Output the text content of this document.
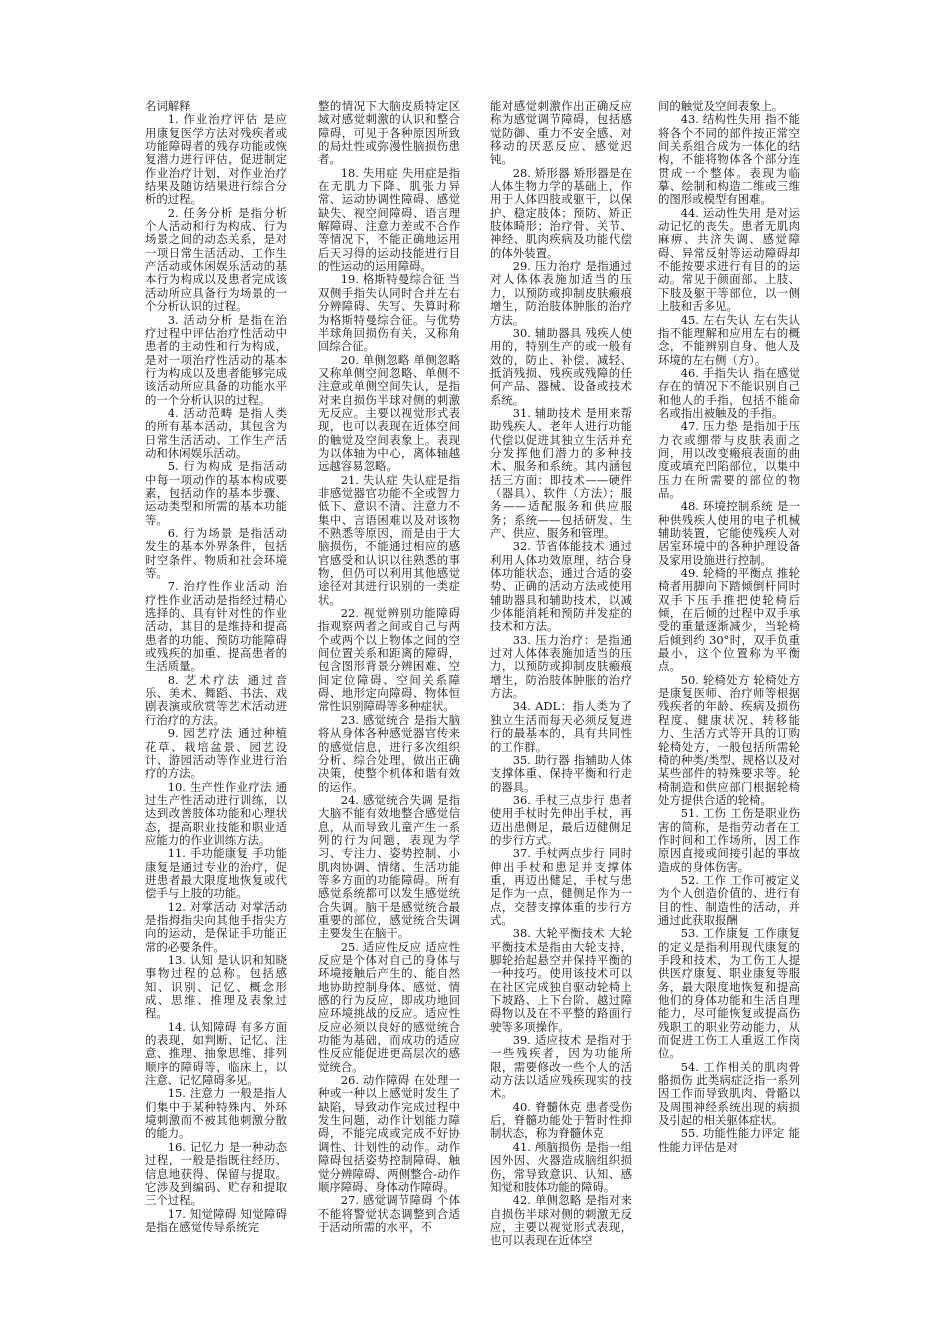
名词解释

1. 作业治疗评估 是应用康复医学方法对残疾者或功能障碍者的残存功能或恢复潜力进行评估，促进制定作业治疗计划，对作业治疗结果及随访结果进行综合分析的过程。

2. 任务分析 是指分析个人活动和行为构成、行为场景之间的动态关系，是对一项日常生活活动、工作生产活动或休闲娱乐活动的基本行为构成以及患者完成该活动所应具备行为场景的一个分析认识的过程。

3. 活动分析 是指在治疗过程中评估治疗性活动中患者的主动性和行为构成，是对一项治疗性活动的基本行为构成以及患者能够完成该活动所应具备的功能水平的一个分析认识的过程。

4. 活动范畴 是指人类的所有基本活动，其包含为日常生活活动、工作生产活动和休闲娱乐活动。

5. 行为构成 是指活动中每一项动作的基本构成要素，包括动作的基本步骤、运动类型和所需的基本功能等。

6. 行为场景 是指活动发生的基本外界条件，包括时空条件、物质和社会环境等。

7. 治疗性作业活动 治疗性作业活动是指经过精心选择的、具有针对性的作业活动，其目的是维持和提高患者的功能、预防功能障碍或残疾的加重、提高患者的生活质量。

8. 艺术疗法 通过音乐、美术、舞蹈、书法、戏剧表演或欣赏等艺术活动进行治疗的方法。

9. 园艺疗法 通过种植花草、栽培盆景、园艺设计、游园活动等作业进行治疗的方法。

10. 生产性作业疗法 通过生产性活动进行训练，以达到改善肢体功能和心理状态，提高职业技能和职业适应能力的作业训练方法。

11. 手功能康复 手功能康复是通过专业的治疗，促进患者最大限度地恢复或代偿手与上肢的功能。

12. 对掌活动 对掌活动是指拇指尖向其他手指尖方向的运动，是保证手功能正常的必要条件。

13. 认知 是认识和知晓事物过程的总称。包括感知、识别、记忆、概念形成、思维、推理及表象过程。

14. 认知障碍 有多方面的表现，如判断、记忆、注意、推理、抽象思维、排列顺序的障碍等，临床上，以注意、记忆障碍多见。

15. 注意力 一般是指人们集中于某种特殊内、外环境刺激而不被其他刺激分散的能力。

16. 记忆力 是一种动态过程，一般是指既往经历、信息地获得、保留与提取。它涉及到编码、贮存和提取三个过程。

17. 知觉障碍 知觉障碍是指在感觉传导系统完

整的情况下大脑皮质特定区域对感觉刺激的认识和整合障碍，可见于各种原因所致的局灶性或弥漫性脑损伤患者。

18. 失用症 失用症是指在无肌力下降、肌张力异常、运动协调性障碍、感觉缺失、视空间障碍、语言理解障碍、注意力差或不合作等情况下，不能正确地运用后天习得的运动技能进行目的性运动的运用障碍。

19. 格斯特曼综合征 当双侧手指失认同时合并左右分辨障碍、失写、失算时称为格斯特曼综合征。与优势半球角回损伤有关，又称角回综合征。

20. 单侧忽略 单侧忽略又称单侧空间忽略、单侧不注意或单侧空间失认，是指对来自损伤半球对侧的刺激无反应。主要以视觉形式表现，也可以表现在近体空间的触觉及空间表象上。表现为以体轴为中心，离体轴越远越容易忽略。

21. 失认症 失认症是指非感觉器官功能不全或智力低下、意识不清、注意力不集中、言语困难以及对该物不熟悉等原因，而是由于大脑损伤，不能通过相应的感官感受和认识以往熟悉的事物，但仍可以利用其他感觉途径对其进行识别的一类症状。

22. 视觉辨别功能障碍 指观察两者之间或自己与两个或两个以上物体之间的空间位置关系和距离的障碍，包含图形背景分辨困难、空间定位障碍、空间关系障碍、地形定向障碍、物体恒常性识别障碍等多种症状。

23. 感觉统合 是指大脑将从身体各种感觉器官传来的感觉信息，进行多次组织分析、综合处理，做出正确决策，使整个机体和谐有效的运作。

24. 感觉统合失调 是指大脑不能有效地整合感觉信息，从而导致儿童产生一系列的行为问题，表现为学习、专注力、姿势控制、小肌肉协调、情绪、生活功能等多方面的功能障碍。所有感觉系统都可以发生感觉统合失调。脑干是感觉统合最重要的部位，感觉统合失调主要发生在脑干。

25. 适应性反应 适应性反应是个体对自己的身体与环境接触后产生的、能自然地协助控制身体、感觉、情感的行为反应，即成功地回应环境挑战的反应。适应性反应必须以良好的感觉统合功能为基础，而成功的适应性反应能促进更高层次的感觉统合。

26. 动作障碍 在处理一种或一种以上感觉时发生了缺陷，导致动作完成过程中发生问题，动作计划能力障碍，不能完成或完成不好协调性、计划性的动作。动作障碍包括姿势控制障碍、触觉分辨障碍、两侧整合-动作顺序障碍、身体动作障碍。

27. 感觉调节障碍 个体不能将警觉状态调整到合适于活动所需的水平，不

能对感觉刺激作出正确反应称为感觉调节障碍，包括感觉防御、重力不安全感、对移动的厌恶反应、感觉迟钝。

28. 矫形器 矫形器是在人体生物力学的基础上，作用于人体四肢或躯干，以保护、稳定肢体；预防、矫正肢体畸形；治疗骨、关节、神经、肌肉疾病及功能代偿的体外装置。

29. 压力治疗 是指通过对人体体表施加适当的压力，以预防或抑制皮肤瘢痕增生，防治肢体肿胀的治疗方法。

30. 辅助器具 残疾人使用的，特别生产的或一般有效的，防止、补偿、减轻、抵消残损、残疾或残障的任何产品、器械、设备或技术系统。

31. 辅助技术 是用来帮助残疾人、老年人进行功能代偿以促进其独立生活并充分发挥他们潜力的多种技术、服务和系统。其内涵包括三方面：即技术——硬件（器具）、软件（方法）；服务——适配服务和供应服务；系统——包括研发、生产、供应、服务和管理。

32. 节省体能技术 通过利用人体功效原理，结合身体功能状态，通过合适的姿势、正确的活动方法或使用辅助器具和辅助技术，以减少体能消耗和预防并发症的技术和方法。

33. 压力治疗：是指通过对人体体表施加适当的压力，以预防或抑制皮肤瘢痕增生，防治肢体肿胀的治疗方法。

34. ADL：指人类为了独立生活而每天必须反复进行的最基本的，具有共同性的工作群。

35. 助行器 指辅助人体支撑体重、保持平衡和行走的器具。

36. 手杖三点步行 患者使用手杖时先伸出手杖，再迈出患侧足，最后迈健侧足的步行方式。

37. 手杖两点步行 同时伸出手杖和患足并支撑体重，再迈出健足，手杖与患足作为一点，健侧足作为一点，交替支撑体重的步行方式。

38. 大轮平衡技术 大轮平衡技术是指由大轮支持，脚轮抬起悬空并保持平衡的一种技巧。使用该技术可以在社区完成独自驱动轮椅上下坡路、上下台阶、越过障碍物以及在不平整的路面行驶等多项操作。

39. 适应技术 是指对于一些残疾者，因为功能所限，需要修改一些个人的活动方法以适应残疾现实的技术。

40. 脊髓休克 患者受伤后，脊髓功能处于暂时性抑制状态，称为脊髓休克

41. 颅脑损伤 是指一组因外因、火器造成脑组织损伤，常导致意识、认知、感知觉和肢体功能的障碍。

42. 单侧忽略 是指对来自损伤半球对侧的刺激无反应，主要以视觉形式表现，也可以表现在近体空

间的触觉及空间表象上。

43. 结构性失用 指不能将各个不同的部件按正常空间关系组合成为一体化的结构，不能将物体各个部分连贯成一个整体。表现为临摹、绘制和构造二维或三维的图形或模型有困难。

44. 运动性失用 是对运动记忆的丧失。患者无肌肉麻痹、共济失调、感觉障碍、异常反射等运动障碍却不能按要求进行有目的的运动。常见于颜面部、上肢、下肢及躯干等部位，以一侧上肢和舌多见。

45. 左右失认 左右失认指不能理解和应用左右的概念，不能辨别自身、他人及环境的左右侧（方）。

46. 手指失认 指在感觉存在的情况下不能识别自己和他人的手指，包括不能命名或指出被触及的手指。

47. 压力垫 是指加于压力衣或绷带与皮肤表面之间，用以改变瘢痕表面的曲度或填充凹陷部位，以集中压力在所需要的部位的物品。

48. 环境控制系统 是一种供残疾人使用的电子机械辅助装置，它能使残疾人对居室环境中的各种护理设备及家用设施进行控制。

49. 轮椅的平衡点 推轮椅者用脚向下踏倾倒杆同时双手下压手推把使轮椅后倾，在后倾的过程中双手承受的重量逐渐减少，当轮椅后倾到约 30°时，双手负重最小，这个位置称为平衡点。

50. 轮椅处方 轮椅处方是康复医师、治疗师等根据残疾者的年龄、疾病及损伤程度、健康状况、转移能力、生活方式等开具的订购轮椅处方，一般包括所需轮椅的种类/类型、规格以及对某些部件的特殊要求等。轮椅制造和供应部门根据轮椅处方提供合适的轮椅。

51. 工伤 工伤是职业伤害的简称，是指劳动者在工作时间和工作场所，因工作原因直接或间接引起的事故造成的身体伤害。

52. 工作 工作可被定义为个人创造价值的、进行有目的性、制造性的活动，并通过此获取报酬

53. 工作康复 工作康复的定义是指利用现代康复的手段和技术，为工伤工人提供医疗康复、职业康复等服务，最大限度地恢复和提高他们的身体功能和生活自理能力，尽可能恢复或提高伤残职工的职业劳动能力，从而促进工伤工人重返工作岗位。

54. 工作相关的肌肉骨骼损伤 此类病症泛指一系列因工作而导致肌肉、骨骼以及周围神经系统出现的病损及引起的相关躯体症状。

55. 功能性能力评定 能性能力评估是对
